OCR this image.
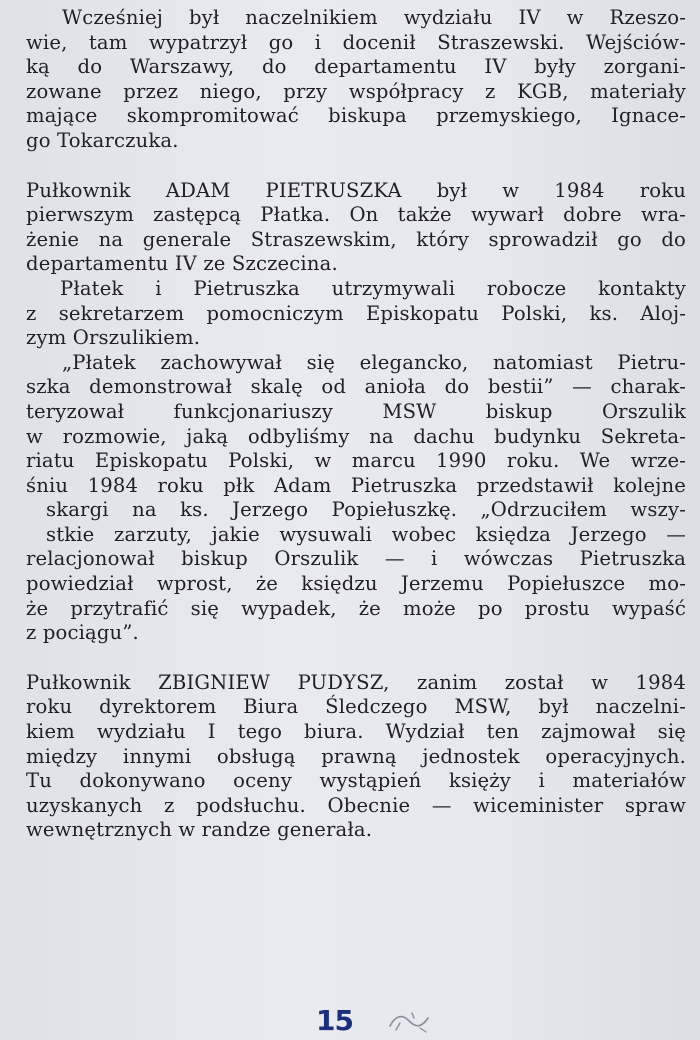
Wcześniej był naczelnikiem wydziału IV w Rzeszo-
wie, tam wypatrzył go i docenił Straszewski. Wejściów-
ką do Warszawy, do departamentu IV były zorgani-
zowane przez niego, przy współpracy z KGB, materiały
mające skompromitować biskupa przemyskiego, Ignace-
go Tokarczuka.
Pułkownik ADAM PIETRUSZKA był w 1984 roku
pierwszym zastępcą Płatka. On także wywarł dobre wra-
żenie na generale Straszewskim, który sprowadził go do
departamentu IV ze Szczecina.
Płatek i Pietruszka utrzymywali robocze kontakty
z sekretarzem pomocniczym Episkopatu Polski, ks. Aloj-
zym Orszulikiem.
„Płatek zachowywał się elegancko, natomiast Pietru-
szka demonstrował skalę od anioła do bestii” — charak-
teryzował funkcjonariuszy MSW biskup Orszulik
w rozmowie, jaką odbyliśmy na dachu budynku Sekreta-
riatu Episkopatu Polski, w marcu 1990 roku. We wrze-
śniu 1984 roku płk Adam Pietruszka przedstawił kolejne
skargi na ks. Jerzego Popiełuszkę. „Odrzuciłem wszy-
stkie zarzuty, jakie wysuwali wobec księdza Jerzego —
relacjonował biskup Orszulik — i wówczas Pietruszka
powiedział wprost, że księdzu Jerzemu Popiełuszce mo-
że przytrafić się wypadek, że może po prostu wypaść
z pociągu”.
Pułkownik ZBIGNIEW PUDYSZ, zanim został w 1984
roku dyrektorem Biura Śledczego MSW, był naczelni-
kiem wydziału I tego biura. Wydział ten zajmował się
między innymi obsługą prawną jednostek operacyjnych.
Tu dokonywano oceny wystąpień księży i materiałów
uzyskanych z podsłuchu. Obecnie — wiceminister spraw
wewnętrznych w randze generała.
15
